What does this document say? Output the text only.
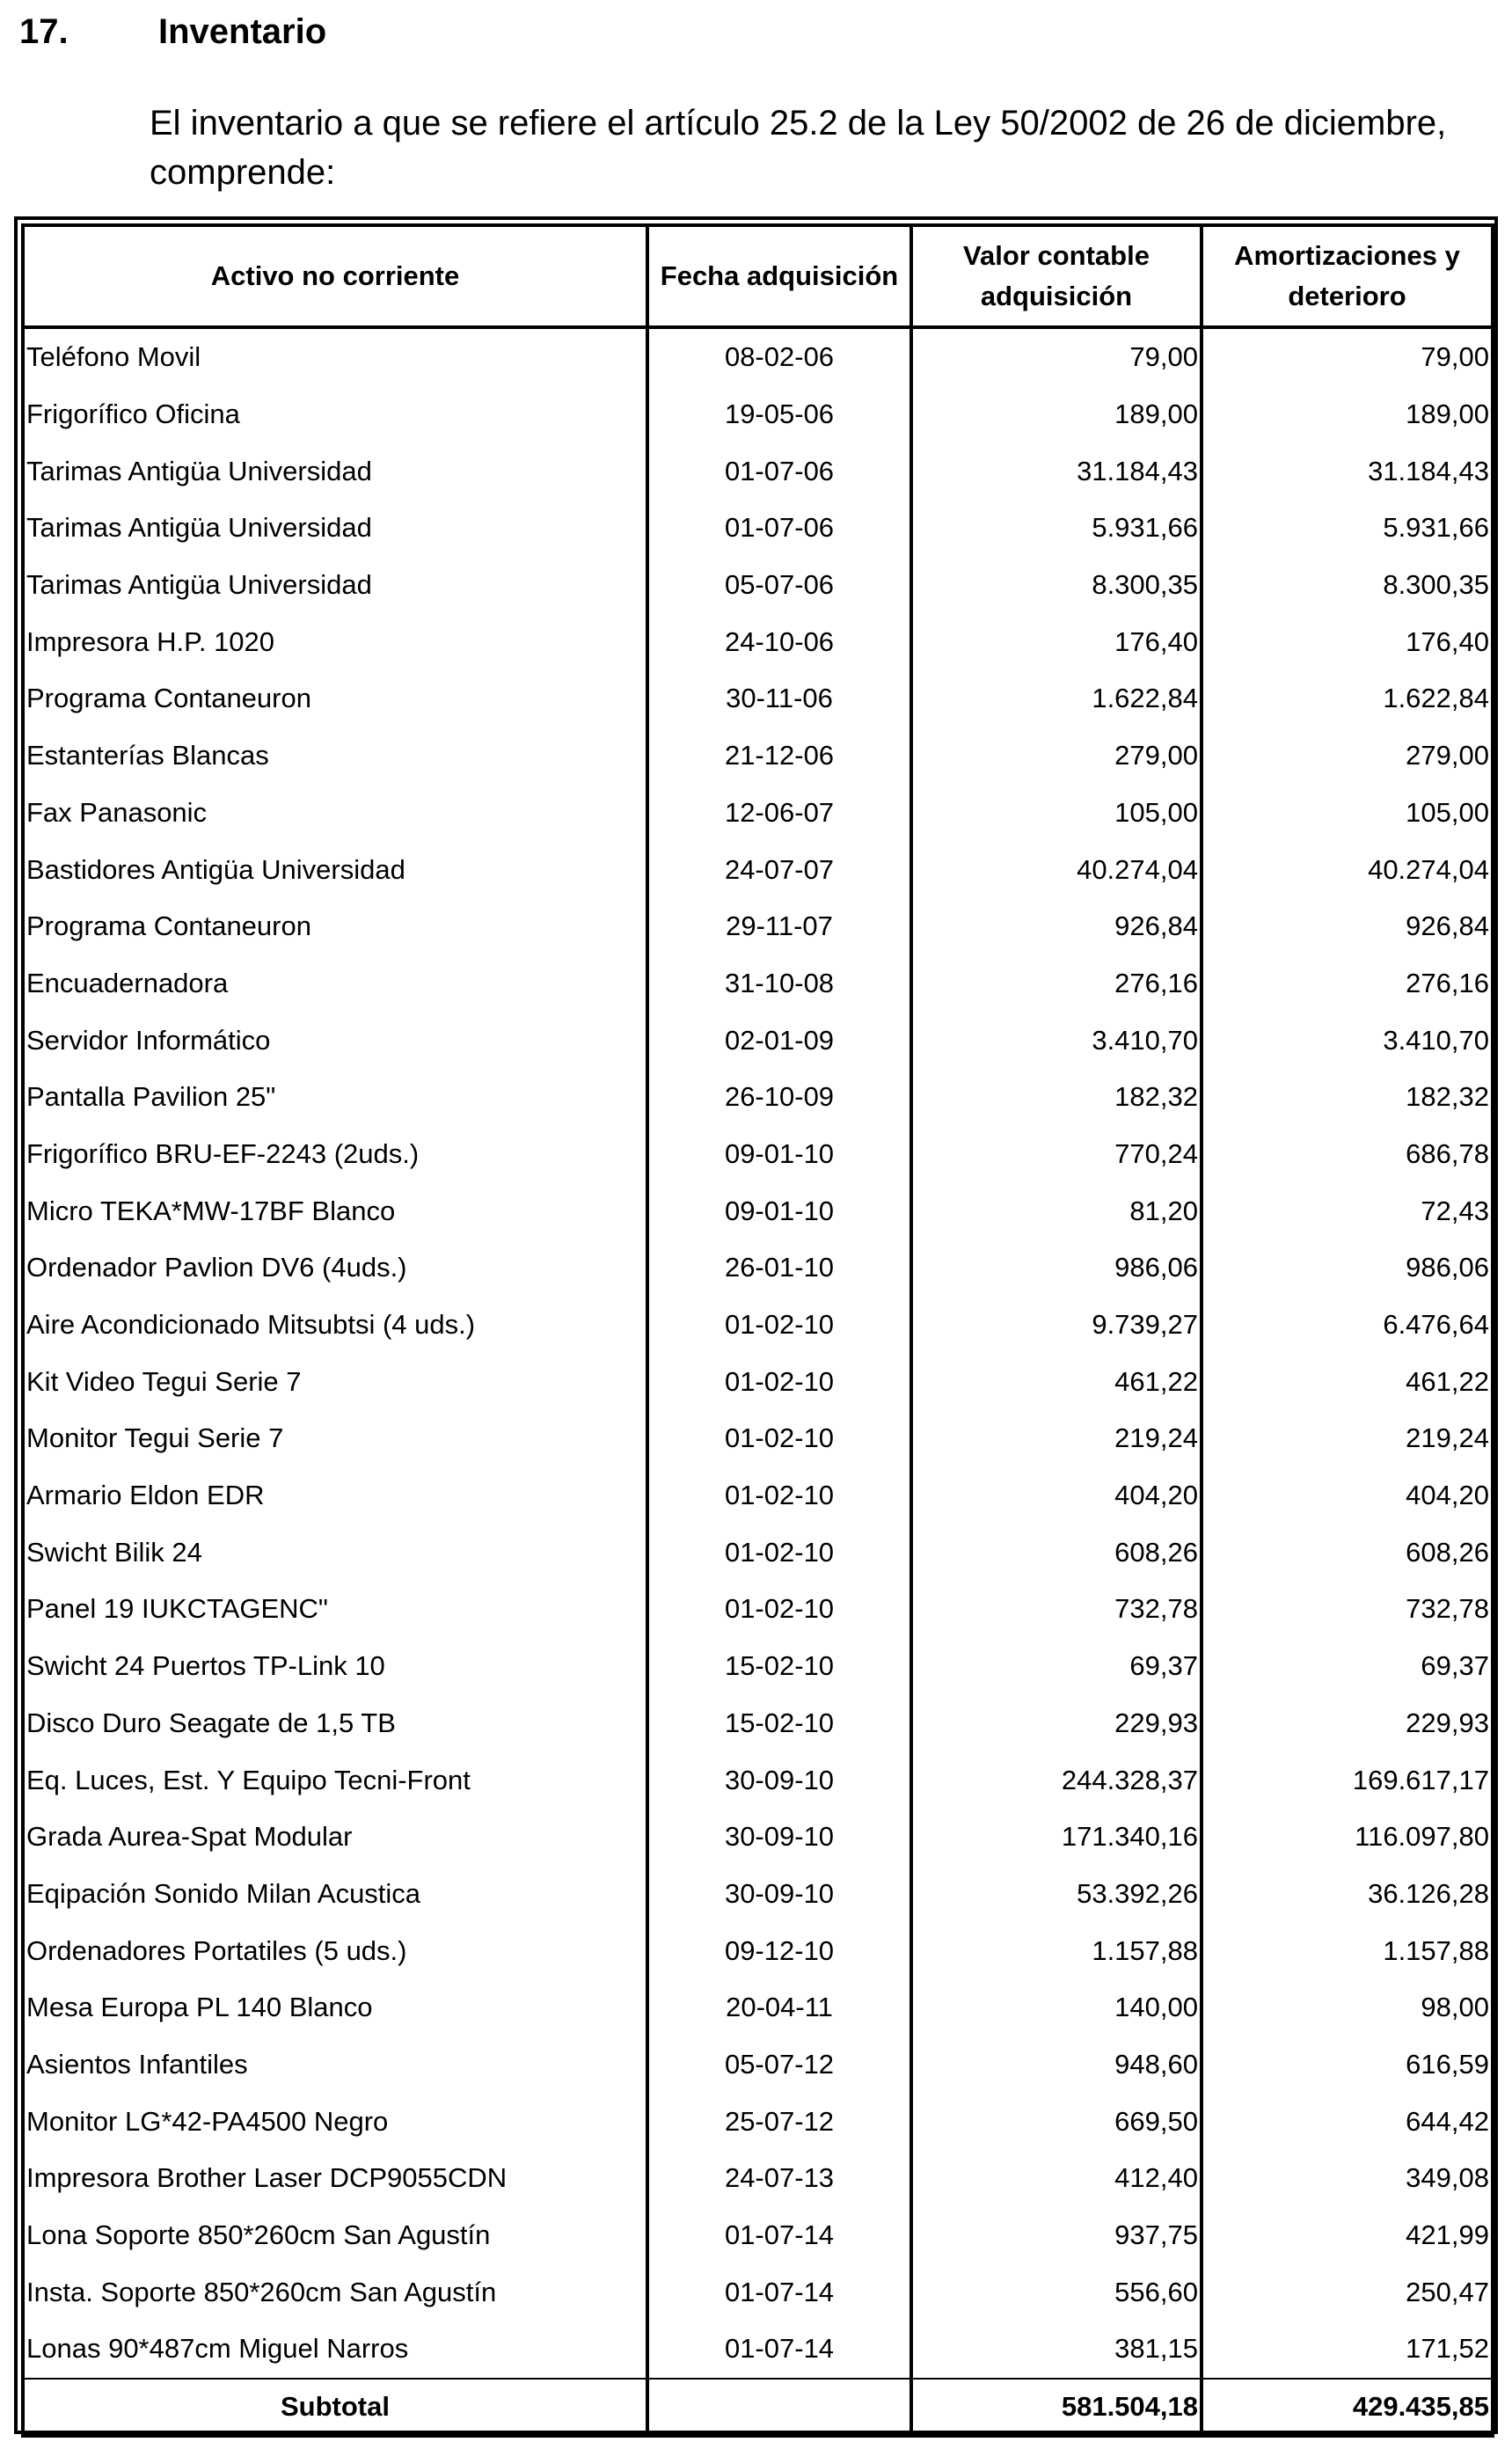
17.	Inventario
El inventario a que se refiere el artículo 25.2 de la Ley 50/2002 de 26 de diciembre, comprende:
Activo no corriente	Fecha adquisición	Valor contable adquisición	Amortizaciones y deterioro
Teléfono Movil	08-02-06	79,00	79,00
Frigorífico Oficina	19-05-06	189,00	189,00
Tarimas Antigüa Universidad	01-07-06	31.184,43	31.184,43
Tarimas Antigüa Universidad	01-07-06	5.931,66	5.931,66
Tarimas Antigüa Universidad	05-07-06	8.300,35	8.300,35
Impresora H.P. 1020	24-10-06	176,40	176,40
Programa Contaneuron	30-11-06	1.622,84	1.622,84
Estanterías Blancas	21-12-06	279,00	279,00
Fax Panasonic	12-06-07	105,00	105,00
Bastidores Antigüa Universidad	24-07-07	40.274,04	40.274,04
Programa Contaneuron	29-11-07	926,84	926,84
Encuadernadora	31-10-08	276,16	276,16
Servidor Informático	02-01-09	3.410,70	3.410,70
Pantalla Pavilion 25"	26-10-09	182,32	182,32
Frigorífico BRU-EF-2243 (2uds.)	09-01-10	770,24	686,78
Micro TEKA*MW-17BF Blanco	09-01-10	81,20	72,43
Ordenador Pavlion DV6 (4uds.)	26-01-10	986,06	986,06
Aire Acondicionado Mitsubtsi (4 uds.)	01-02-10	9.739,27	6.476,64
Kit Video Tegui Serie 7	01-02-10	461,22	461,22
Monitor Tegui Serie 7	01-02-10	219,24	219,24
Armario Eldon EDR	01-02-10	404,20	404,20
Swicht Bilik 24	01-02-10	608,26	608,26
Panel 19 IUKCTAGENC"	01-02-10	732,78	732,78
Swicht 24 Puertos TP-Link 10	15-02-10	69,37	69,37
Disco Duro Seagate de 1,5 TB	15-02-10	229,93	229,93
Eq. Luces, Est. Y Equipo Tecni-Front	30-09-10	244.328,37	169.617,17
Grada Aurea-Spat Modular	30-09-10	171.340,16	116.097,80
Eqipación Sonido Milan Acustica	30-09-10	53.392,26	36.126,28
Ordenadores Portatiles (5 uds.)	09-12-10	1.157,88	1.157,88
Mesa Europa PL 140 Blanco	20-04-11	140,00	98,00
Asientos Infantiles	05-07-12	948,60	616,59
Monitor LG*42-PA4500 Negro	25-07-12	669,50	644,42
Impresora Brother Laser DCP9055CDN	24-07-13	412,40	349,08
Lona Soporte 850*260cm San Agustín	01-07-14	937,75	421,99
Insta. Soporte 850*260cm San Agustín	01-07-14	556,60	250,47
Lonas 90*487cm Miguel Narros	01-07-14	381,15	171,52
Subtotal		581.504,18	429.435,85
